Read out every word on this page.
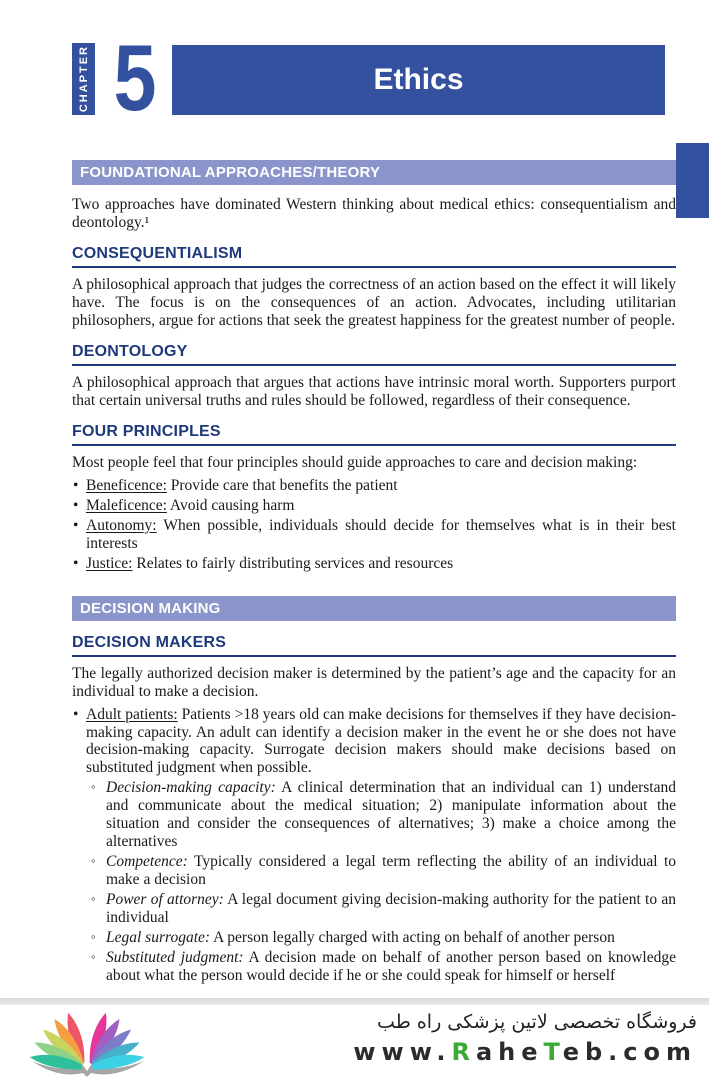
CHAPTER 5	Ethics
FOUNDATIONAL APPROACHES/THEORY

Two approaches have dominated Western thinking about medical ethics: consequentialism and deontology.¹

CONSEQUENTIALISM

A philosophical approach that judges the correctness of an action based on the effect it will likely have. The focus is on the consequences of an action. Advocates, including utilitarian philosophers, argue for actions that seek the greatest happiness for the greatest number of people.

DEONTOLOGY

A philosophical approach that argues that actions have intrinsic moral worth. Supporters purport that certain universal truths and rules should be followed, regardless of their consequence.

FOUR PRINCIPLES

Most people feel that four principles should guide approaches to care and decision making:

• Beneficence: Provide care that benefits the patient
• Maleficence: Avoid causing harm
• Autonomy: When possible, individuals should decide for themselves what is in their best interests
• Justice: Relates to fairly distributing services and resources
DECISION MAKING
DECISION MAKERS

The legally authorized decision maker is determined by the patient’s age and the capacity for an individual to make a decision.

• Adult patients: Patients >18 years old can make decisions for themselves if they have decision-making capacity. An adult can identify a decision maker in the event he or she does not have decision-making capacity. Surrogate decision makers should make decisions based on substituted judgment when possible.
◦ Decision-making capacity: A clinical determination that an individual can 1) understand and communicate about the medical situation; 2) manipulate information about the situation and consider the consequences of alternatives; 3) make a choice among the alternatives
◦ Competence: Typically considered a legal term reflecting the ability of an individual to make a decision
◦ Power of attorney: A legal document giving decision-making authority for the patient to an individual
◦ Legal surrogate: A person legally charged with acting on behalf of another person
◦ Substituted judgment: A decision made on behalf of another person based on knowledge about what the person would decide if he or she could speak for himself or herself
فروشگاه تخصصی لاتین پزشکی راه طب
www.RaheTeb.com
